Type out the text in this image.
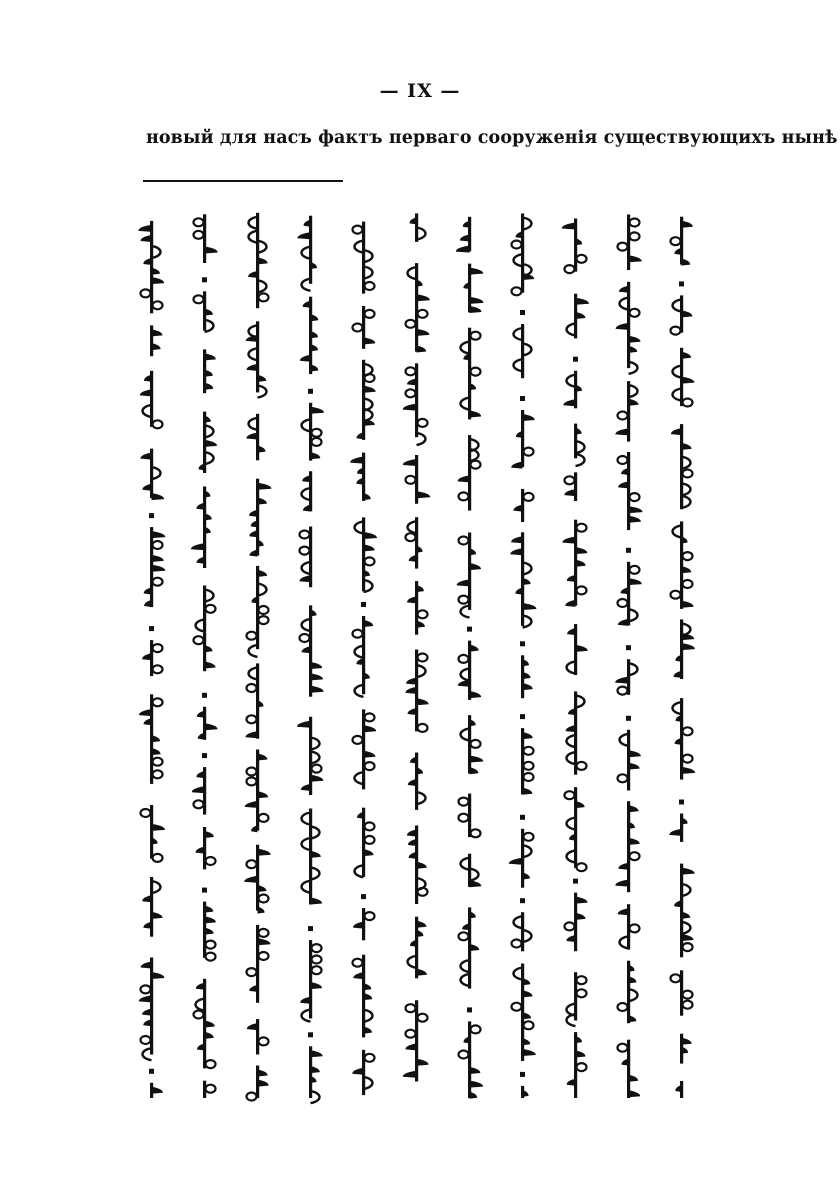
— IX —
новый для насъ фактъ перваго сооруженія существующихъ нынѣ
